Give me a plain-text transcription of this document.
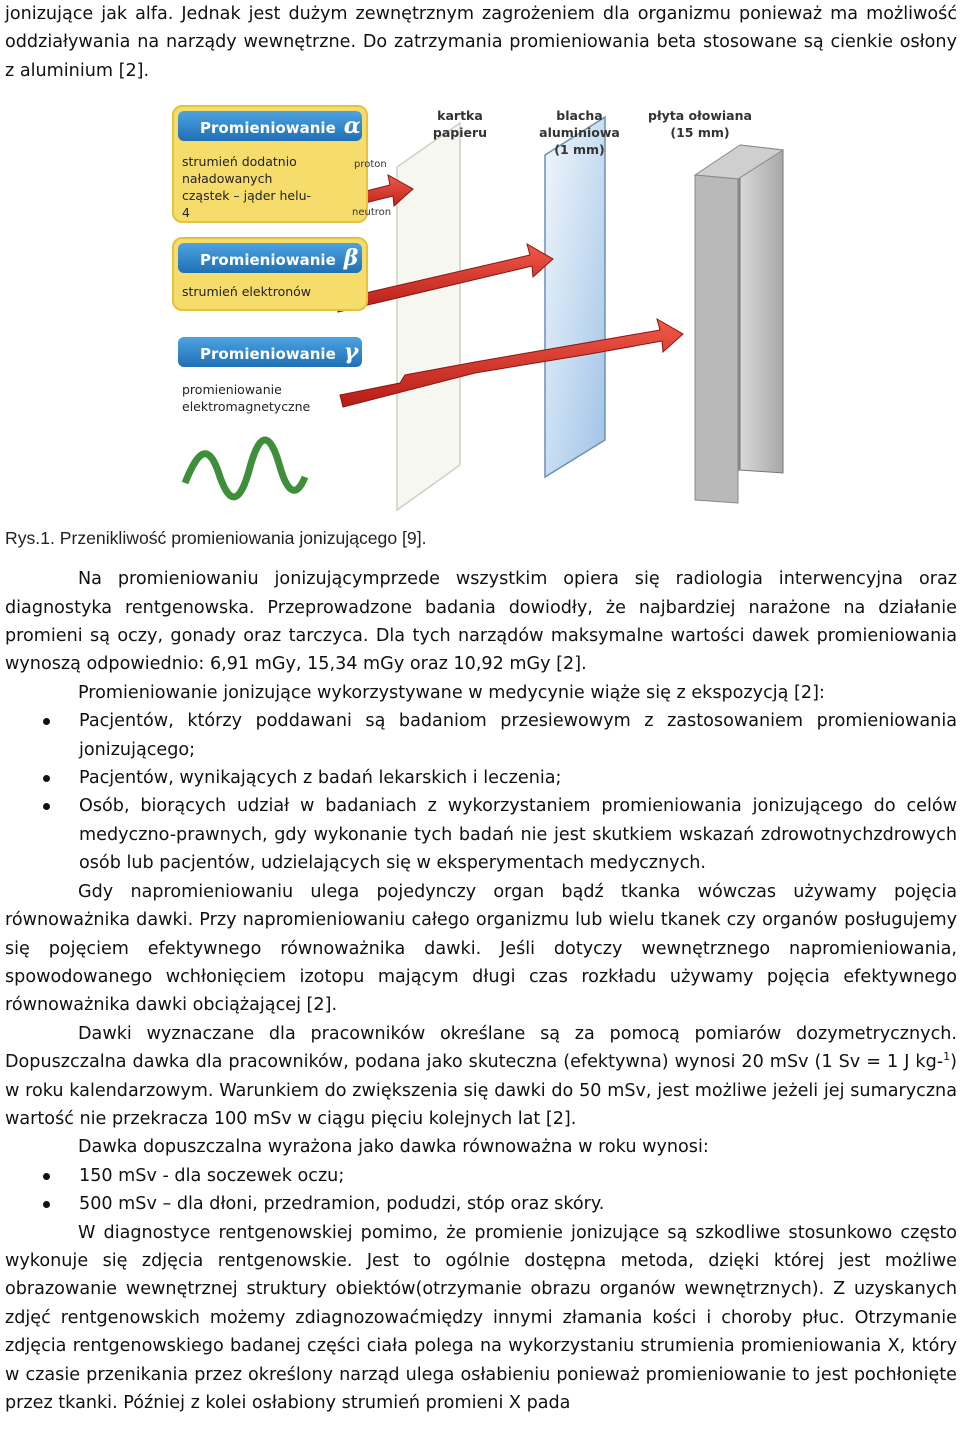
jonizujące jak alfa. Jednak jest dużym zewnętrznym zagrożeniem dla organizmu ponieważ ma możliwość oddziaływania na narządy wewnętrzne. Do zatrzymania promieniowania beta stosowane są cienkie osłony z aluminium [2].

Promieniowanie α
strumień dodatnio naładowanych cząstek – jąder helu-4
proton
neutron
Promieniowanie β
strumień elektronów
Promieniowanie γ
promieniowanie elektromagnetyczne
kartka papieru
blacha aluminiowa
(1 mm)
płyta ołowiana
(15 mm)
Rys.1. Przenikliwość promieniowania jonizującego [9].

Na promieniowaniu jonizującymprzede wszystkim opiera się radiologia interwencyjna oraz diagnostyka rentgenowska. Przeprowadzone badania dowiodły, że najbardziej narażone na działanie promieni są oczy, gonady oraz tarczyca. Dla tych narządów maksymalne wartości dawek promieniowania wynoszą odpowiednio: 6,91 mGy, 15,34 mGy oraz 10,92 mGy [2].

Promieniowanie jonizujące wykorzystywane w medycynie wiąże się z ekspozycją [2]:

Pacjentów, którzy poddawani są badaniom przesiewowym z zastosowaniem promieniowania jonizującego;
Pacjentów, wynikających z badań lekarskich i leczenia;
Osób, biorących udział w badaniach z wykorzystaniem promieniowania jonizującego do celów medyczno-prawnych, gdy wykonanie tych badań nie jest skutkiem wskazań zdrowotnychzdrowych osób lub pacjentów, udzielających się w eksperymentach medycznych.

Gdy napromieniowaniu ulega pojedynczy organ bądź tkanka wówczas używamy pojęcia równoważnika dawki. Przy napromieniowaniu całego organizmu lub wielu tkanek czy organów posługujemy się pojęciem efektywnego równoważnika dawki. Jeśli dotyczy wewnętrznego napromieniowania, spowodowanego wchłonięciem izotopu mającym długi czas rozkładu używamy pojęcia efektywnego równoważnika dawki obciążającej [2].

Dawki wyznaczane dla pracowników określane są za pomocą pomiarów dozymetrycznych. Dopuszczalna dawka dla pracowników, podana jako skuteczna (efektywna) wynosi 20 mSv (1 Sv = 1 J kg-$^1$) w roku kalendarzowym. Warunkiem do zwiększenia się dawki do 50 mSv, jest możliwe jeżeli jej sumaryczna wartość nie przekracza 100 mSv w ciągu pięciu kolejnych lat [2].

Dawka dopuszczalna wyrażona jako dawka równoważna w roku wynosi:

150 mSv - dla soczewek oczu;
500 mSv – dla dłoni, przedramion, podudzi, stóp oraz skóry.

W diagnostyce rentgenowskiej pomimo, że promienie jonizujące są szkodliwe stosunkowo często wykonuje się zdjęcia rentgenowskie. Jest to ogólnie dostępna metoda, dzięki której jest możliwe obrazowanie wewnętrznej struktury obiektów(otrzymanie obrazu organów wewnętrznych). Z uzyskanych zdjęć rentgenowskich możemy zdiagnozowaćmiędzy innymi złamania kości i choroby płuc. Otrzymanie zdjęcia rentgenowskiego badanej części ciała polega na wykorzystaniu strumienia promieniowania X, który w czasie przenikania przez określony narząd ulega osłabieniu ponieważ promieniowanie to jest pochłonięte przez tkanki. Później z kolei osłabiony strumień promieni X pada
